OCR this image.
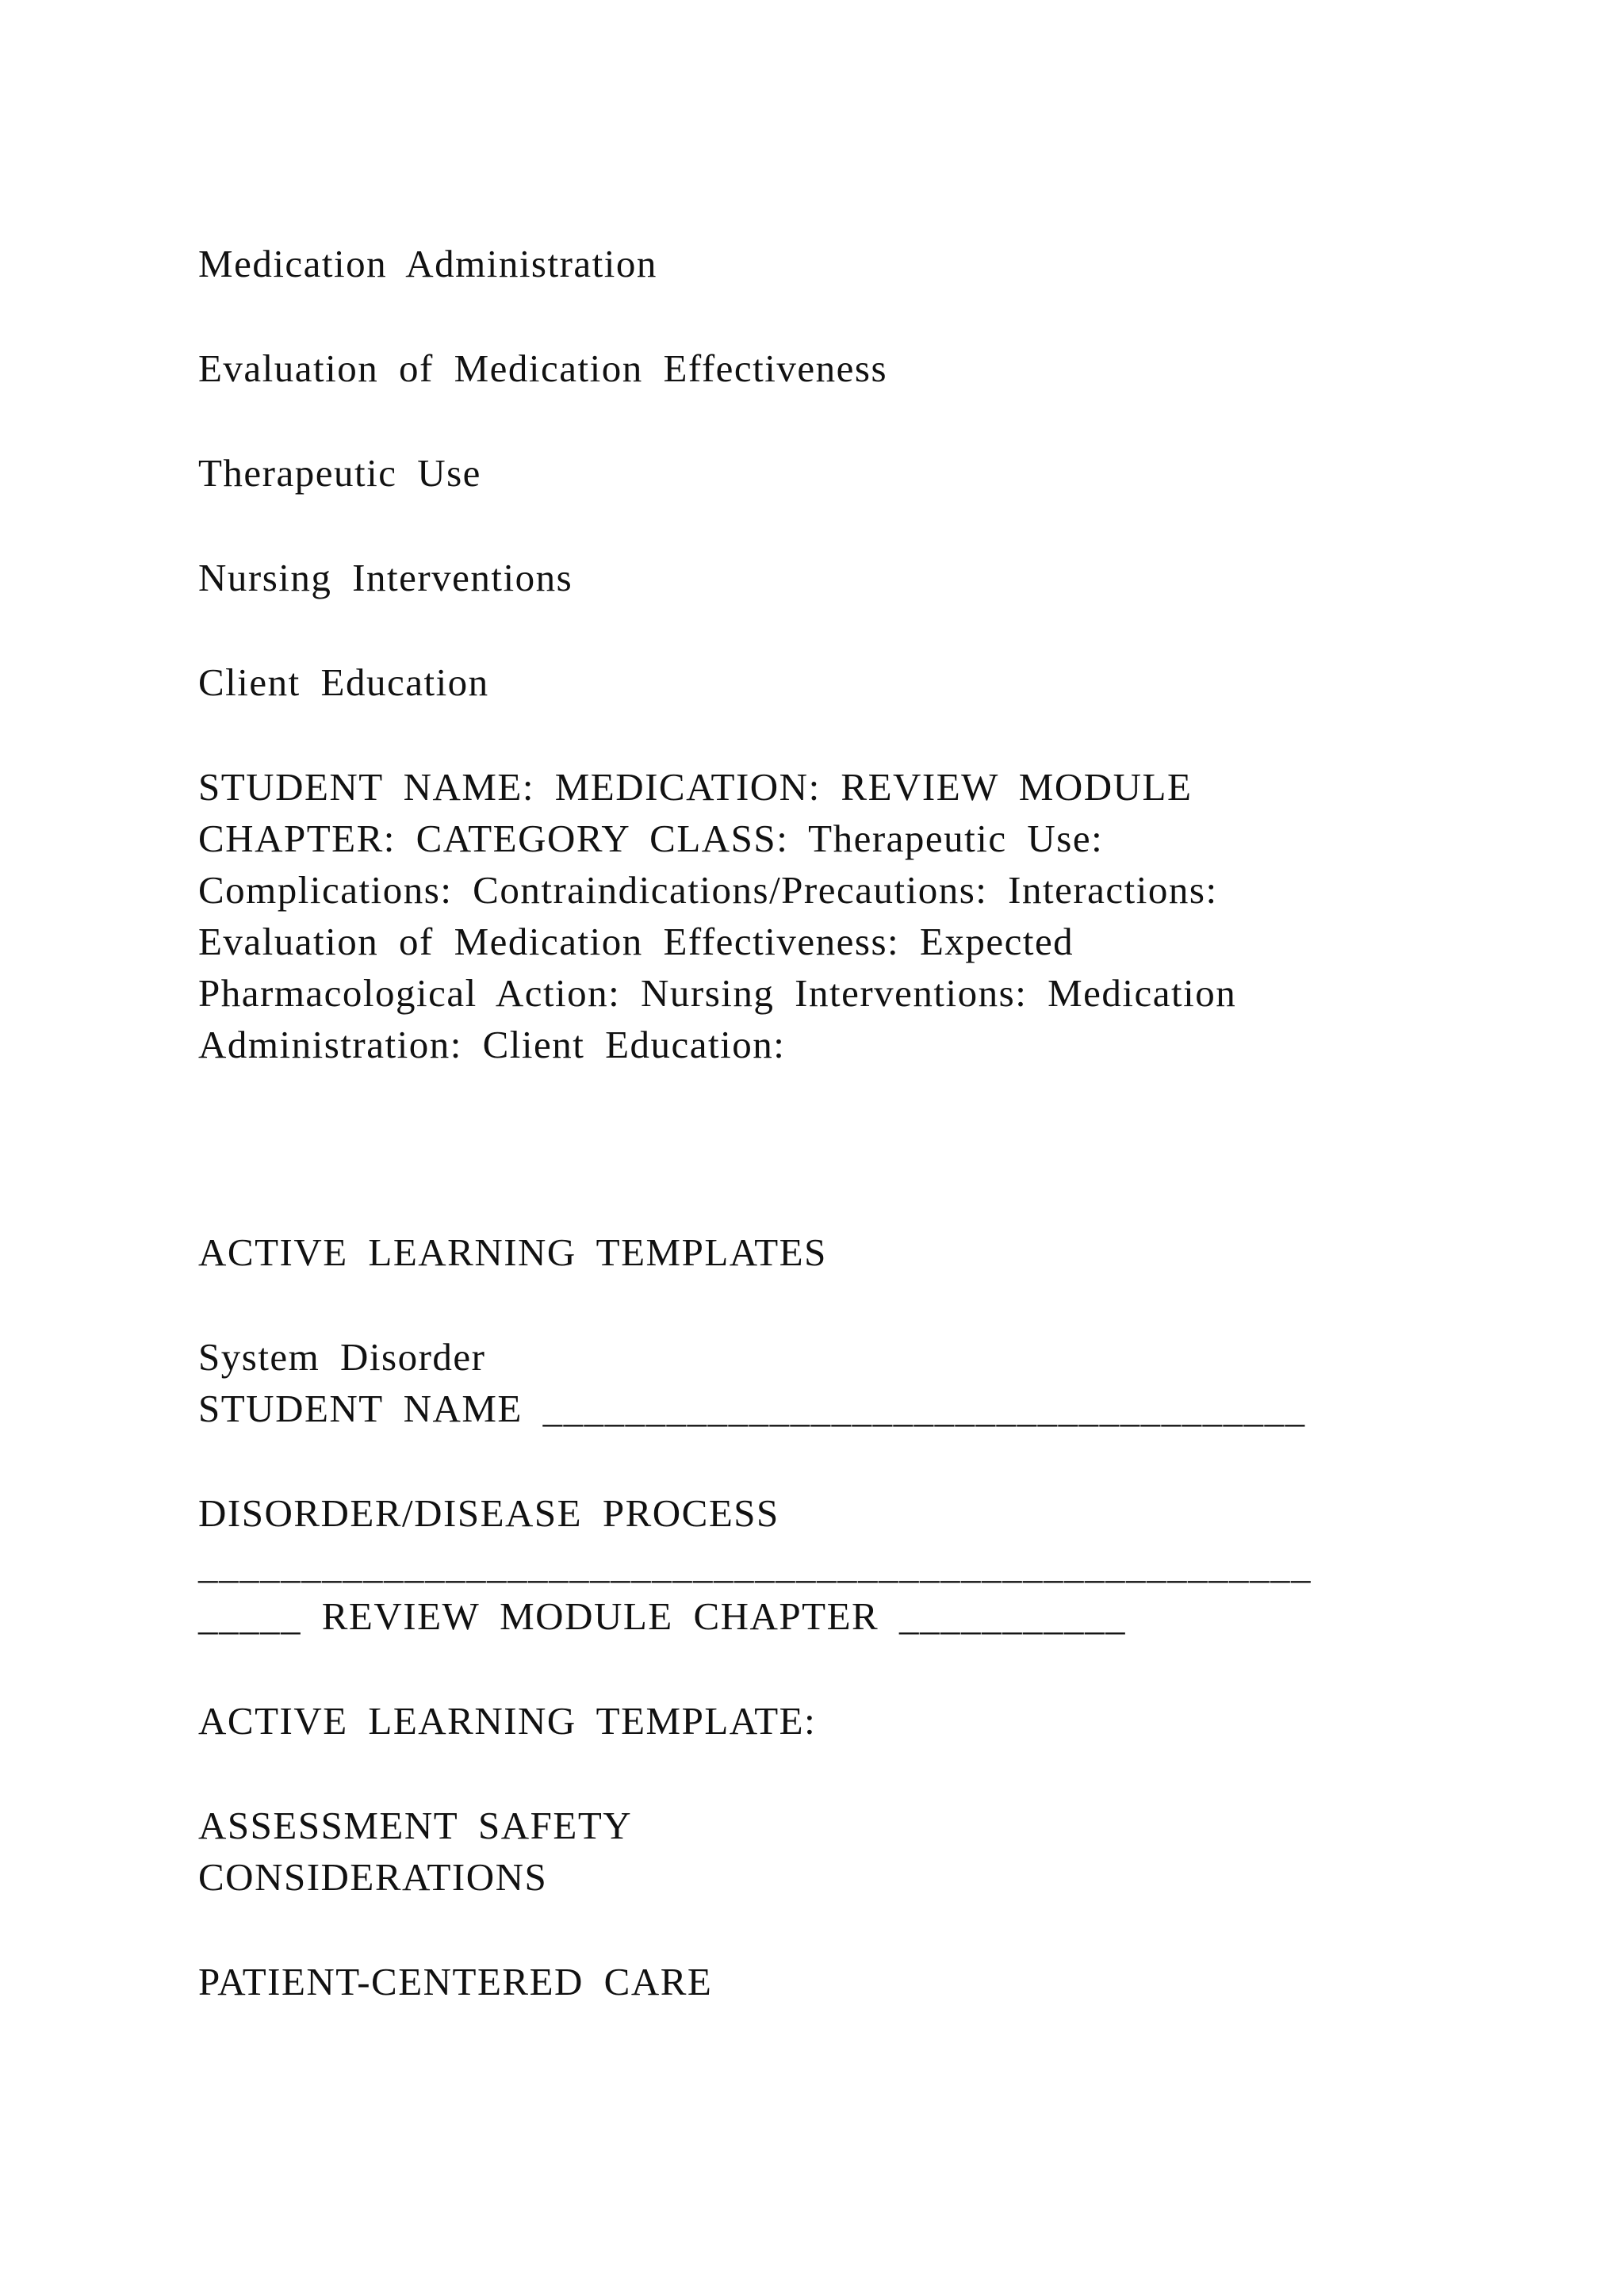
Medication Administration
Evaluation of Medication Effectiveness
Therapeutic Use
Nursing Interventions
Client Education
STUDENT NAME: MEDICATION: REVIEW MODULE
CHAPTER: CATEGORY CLASS: Therapeutic Use:
Complications: Contraindications/Precautions: Interactions:
Evaluation of Medication Effectiveness: Expected
Pharmacological Action: Nursing Interventions: Medication
Administration: Client Education:
ACTIVE LEARNING TEMPLATES
System Disorder
STUDENT NAME _____________________________________
DISORDER/DISEASE PROCESS
______________________________________________________
_____ REVIEW MODULE CHAPTER ___________
ACTIVE LEARNING TEMPLATE:
ASSESSMENT SAFETY
CONSIDERATIONS
PATIENT-CENTERED CARE
